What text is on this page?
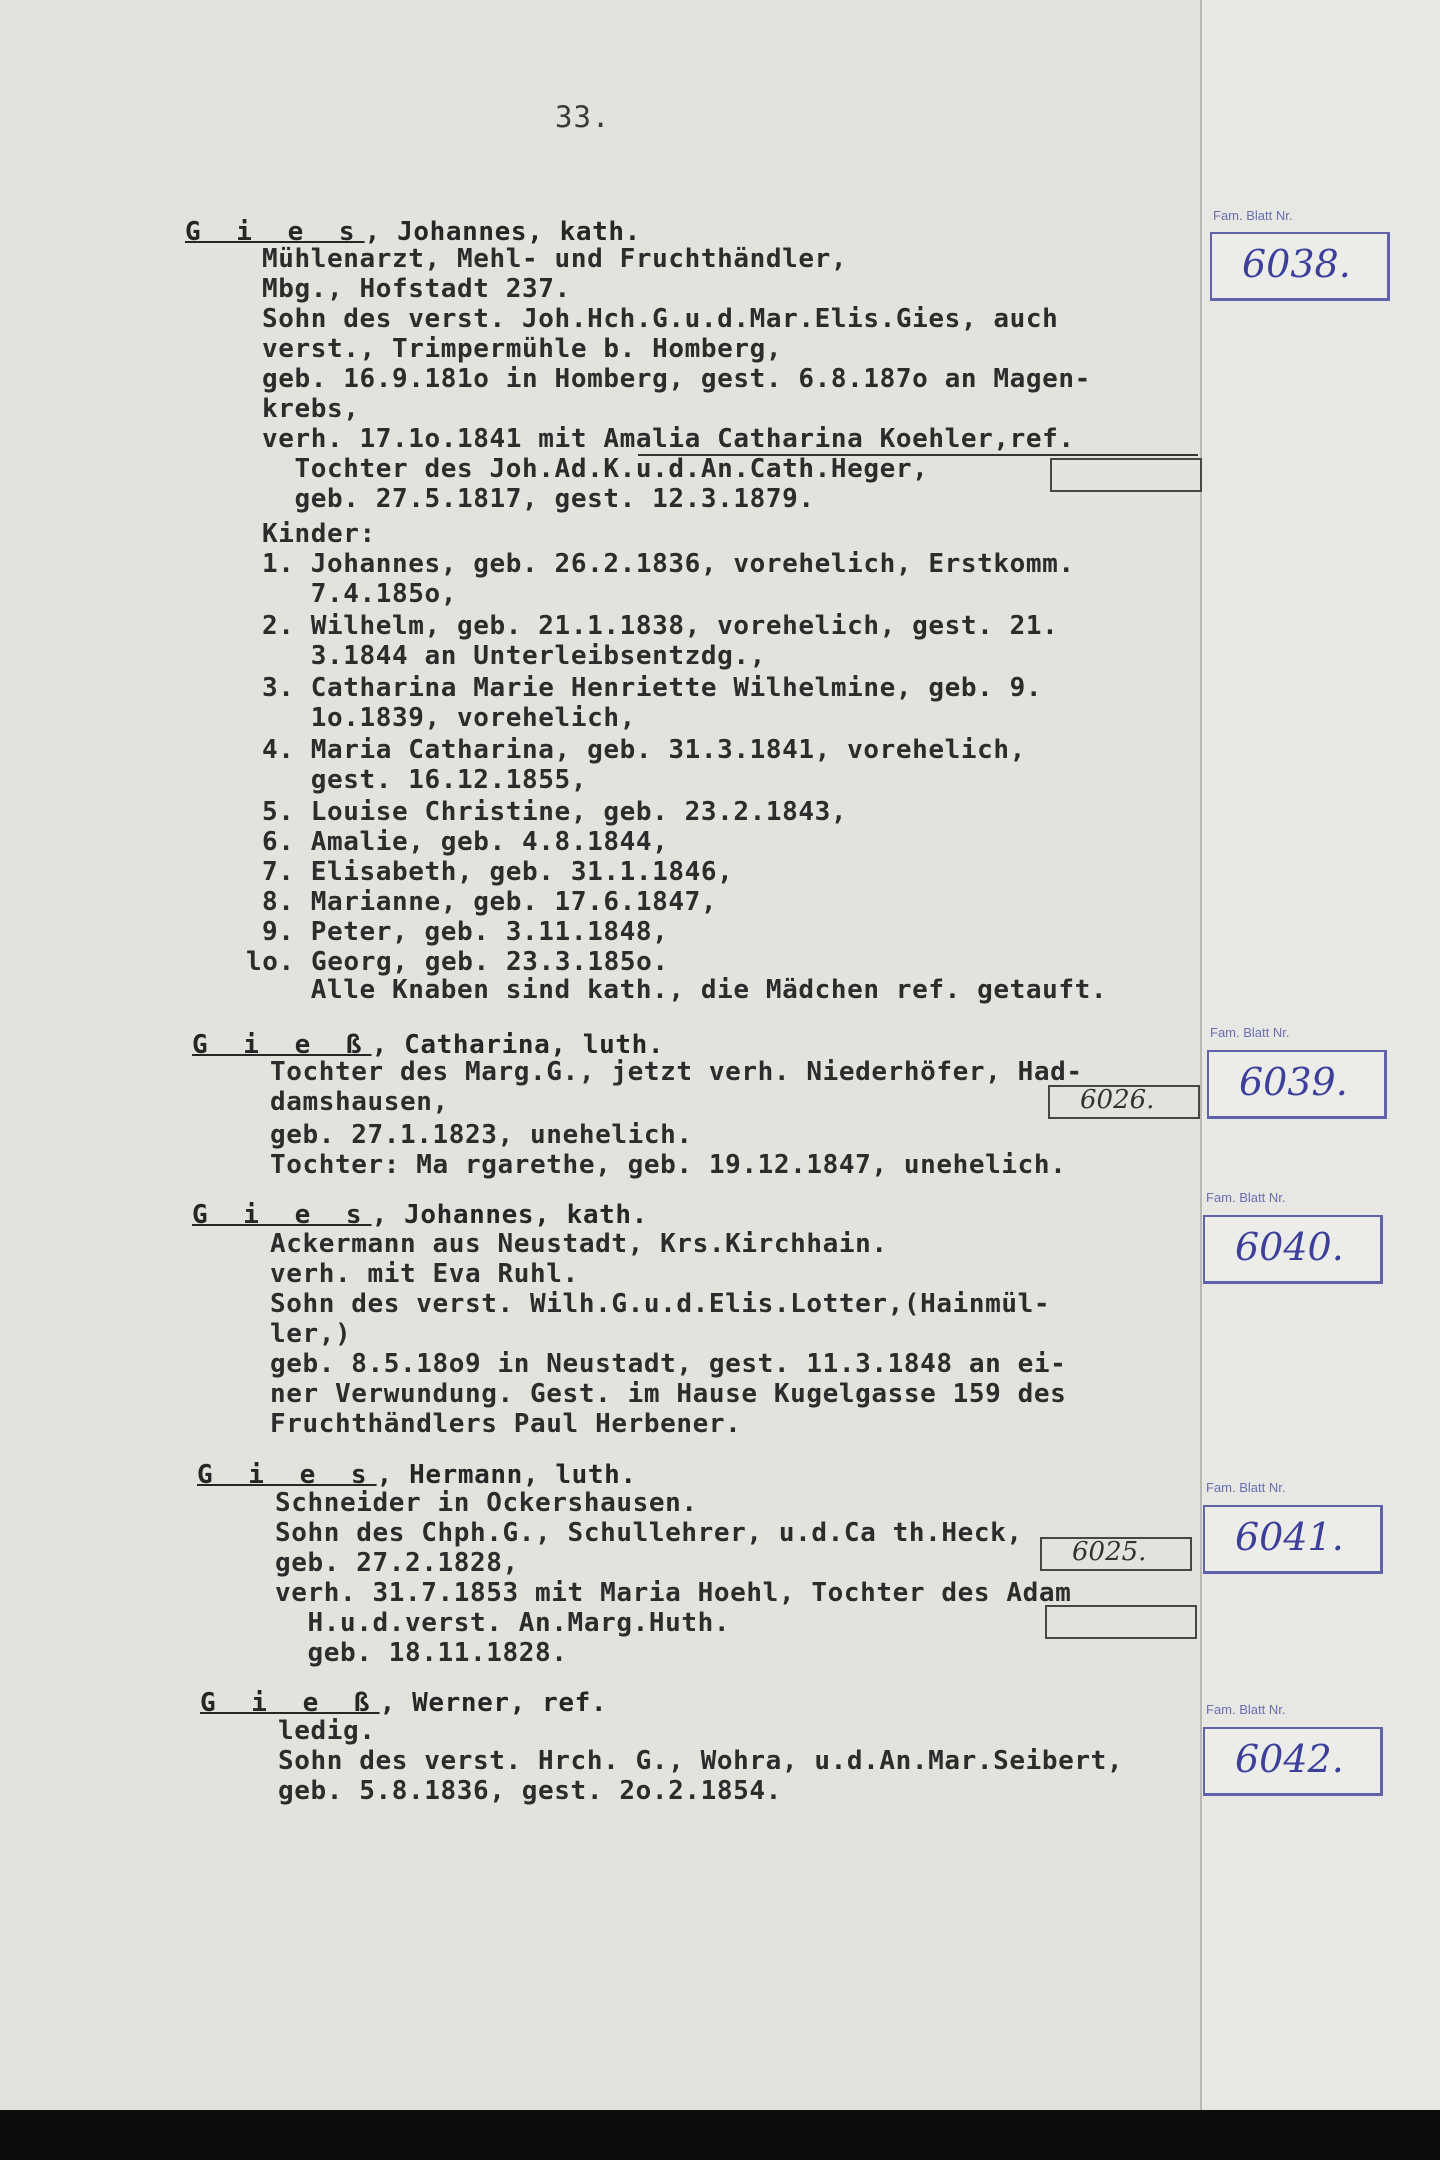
33.
G i e s, Johannes, kath.
Mühlenarzt, Mehl- und Fruchthändler,
Mbg., Hofstadt 237.
Sohn des verst. Joh.Hch.G.u.d.Mar.Elis.Gies, auch
verst., Trimpermühle b. Homberg,
geb. 16.9.181o in Homberg, gest. 6.8.187o an Magen-
krebs,
verh. 17.1o.1841 mit Amalia Catharina Koehler,ref.
Tochter des Joh.Ad.K.u.d.An.Cath.Heger,
geb. 27.5.1817, gest. 12.3.1879.
Kinder:
1. Johannes, geb. 26.2.1836, vorehelich, Erstkomm.
7.4.185o,
2. Wilhelm, geb. 21.1.1838, vorehelich, gest. 21.
3.1844 an Unterleibsentzdg.,
3. Catharina Marie Henriette Wilhelmine, geb. 9.
1o.1839, vorehelich,
4. Maria Catharina, geb. 31.3.1841, vorehelich,
gest. 16.12.1855,
5. Louise Christine, geb. 23.2.1843,
6. Amalie, geb. 4.8.1844,
7. Elisabeth, geb. 31.1.1846,
8. Marianne, geb. 17.6.1847,
9. Peter, geb. 3.11.1848,
lo. Georg, geb. 23.3.185o.
Alle Knaben sind kath., die Mädchen ref. getauft.
Fam. Blatt Nr.
6038.
G i e ß, Catharina, luth.
Tochter des Marg.G., jetzt verh. Niederhöfer, Had-
damshausen,
geb. 27.1.1823, unehelich.
Tochter: Ma rgarethe, geb. 19.12.1847, unehelich.
6026.
Fam. Blatt Nr.
6039.
G i e s, Johannes, kath.
Ackermann aus Neustadt, Krs.Kirchhain.
verh. mit Eva Ruhl.
Sohn des verst. Wilh.G.u.d.Elis.Lotter,(Hainmül-
ler,)
geb. 8.5.18o9 in Neustadt, gest. 11.3.1848 an ei-
ner Verwundung. Gest. im Hause Kugelgasse 159 des
Fruchthändlers Paul Herbener.
Fam. Blatt Nr.
6040.
G i e s, Hermann, luth.
Schneider in Ockershausen.
Sohn des Chph.G., Schullehrer, u.d.Ca th.Heck,
geb. 27.2.1828,
verh. 31.7.1853 mit Maria Hoehl, Tochter des Adam
H.u.d.verst. An.Marg.Huth.
geb. 18.11.1828.
6025.
Fam. Blatt Nr.
6041.
G i e ß, Werner, ref.
ledig.
Sohn des verst. Hrch. G., Wohra, u.d.An.Mar.Seibert,
geb. 5.8.1836, gest. 2o.2.1854.
Fam. Blatt Nr.
6042.
